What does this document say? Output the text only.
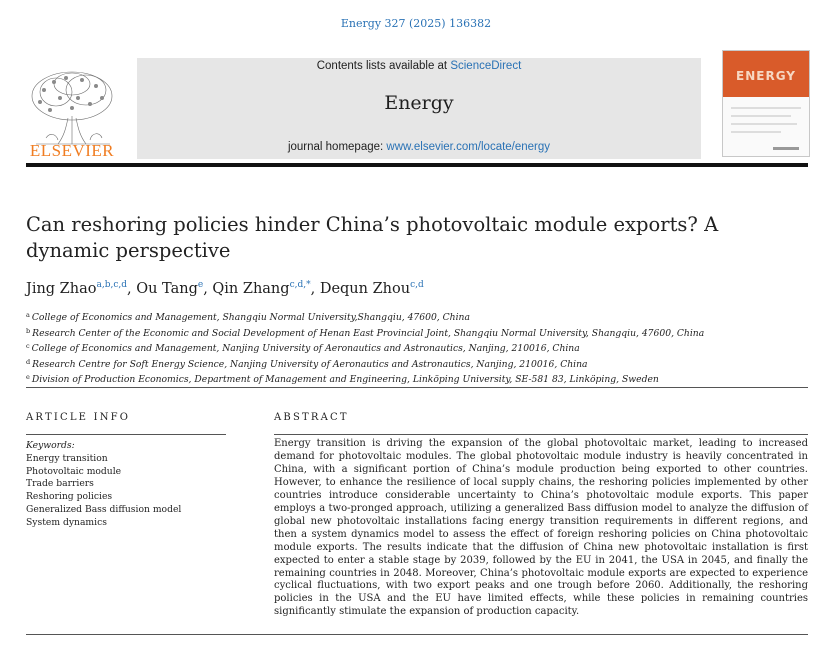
Energy 327 (2025) 136382
ELSEVIER
Contents lists available at ScienceDirect
Energy
journal homepage: www.elsevier.com/locate/energy
ENERGY
Can reshoring policies hinder China’s photovoltaic module exports? A dynamic perspective
Jing Zhao$^{a,b,c,d}$, Ou Tang$^e$, Qin Zhang$^{c,d,*}$, Dequn Zhou$^{c,d}$
$^a$ College of Economics and Management, Shangqiu Normal University,Shangqiu, 47600, China
$^b$ Research Center of the Economic and Social Development of Henan East Provincial Joint, Shangqiu Normal University, Shangqiu, 47600, China
$^c$ College of Economics and Management, Nanjing University of Aeronautics and Astronautics, Nanjing, 210016, China
$^d$ Research Centre for Soft Energy Science, Nanjing University of Aeronautics and Astronautics, Nanjing, 210016, China
$^e$ Division of Production Economics, Department of Management and Engineering, Linköping University, SE-581 83, Linköping, Sweden
ARTICLE INFO	ABSTRACT
Keywords:
Energy transition
Photovoltaic module
Trade barriers
Reshoring policies
Generalized Bass diffusion model
System dynamics
Energy transition is driving the expansion of the global photovoltaic market, leading to increased demand for photovoltaic modules. The global photovoltaic module industry is heavily concentrated in China, with a significant portion of China’s module production being exported to other countries. However, to enhance the resilience of local supply chains, the reshoring policies implemented by other countries introduce considerable uncertainty to China’s photovoltaic module exports. This paper employs a two-pronged approach, utilizing a generalized Bass diffusion model to analyze the diffusion of global new photovoltaic installations facing energy transition requirements in different regions, and then a system dynamics model to assess the effect of foreign reshoring policies on China photovoltaic module exports. The results indicate that the diffusion of China new photovoltaic installation is first expected to enter a stable stage by 2039, followed by the EU in 2041, the USA in 2045, and finally the remaining countries in 2048. Moreover, China’s photovoltaic module exports are expected to experience cyclical fluctuations, with two export peaks and one trough before 2060. Additionally, the reshoring policies in the USA and the EU have limited effects, while these policies in remaining countries significantly stimulate the expansion of production capacity.
